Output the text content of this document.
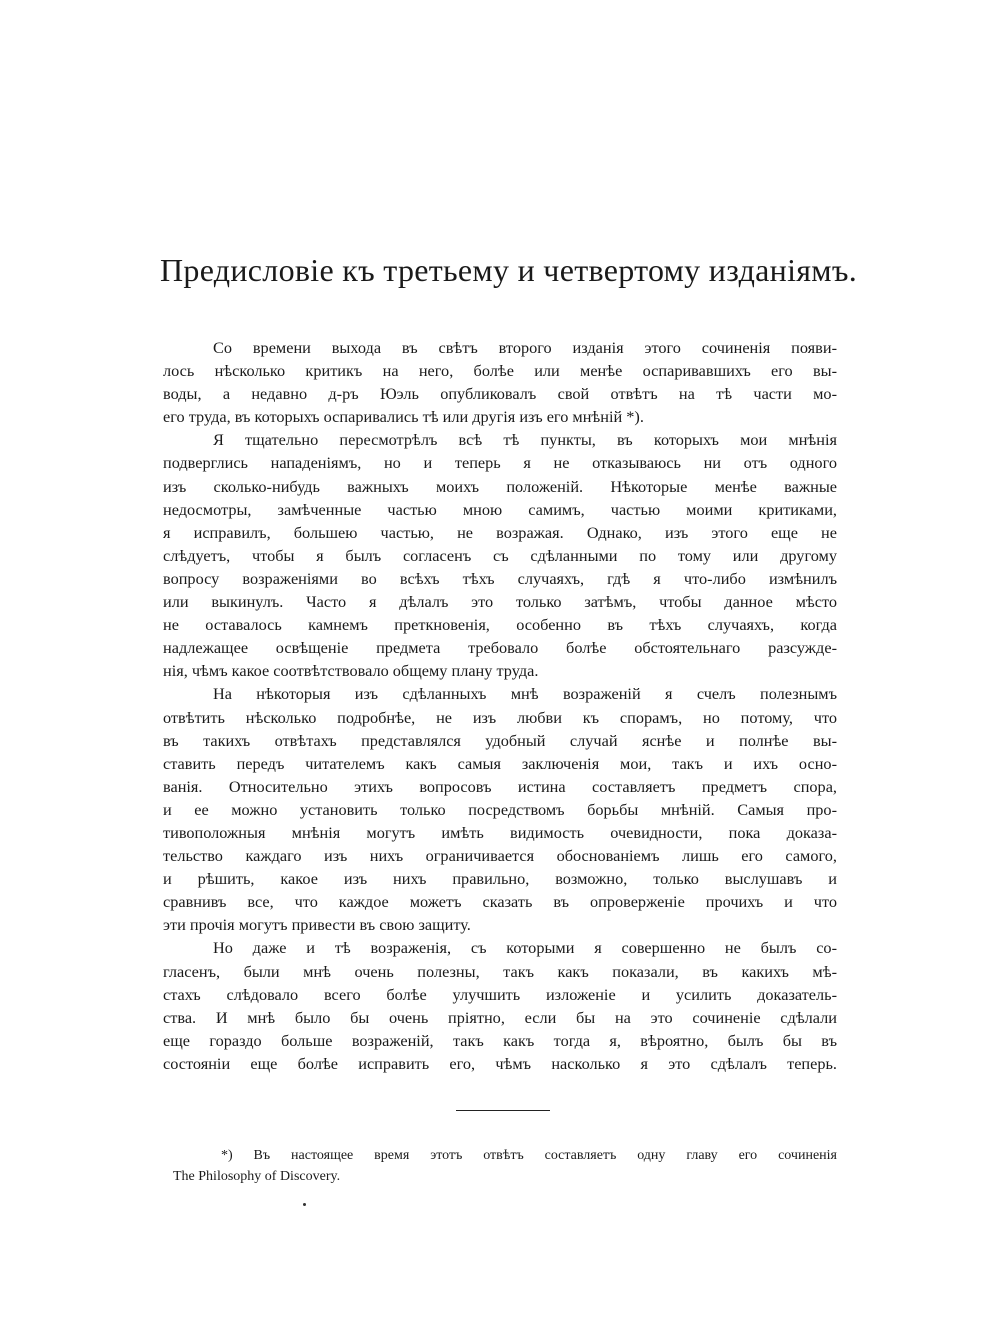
Предисловіе къ третьему и четвертому изданіямъ.
Со времени выхода въ свѣтъ второго изданія этого сочиненія появи-
лось нѣсколько критикъ на него, болѣе или менѣе оспаривавшихъ его вы-
воды, а недавно д-ръ Юэль опубликовалъ свой отвѣтъ на тѣ части мо-
его труда, въ которыхъ оспаривались тѣ или другія изъ его мнѣній *).
Я тщательно пересмотрѣлъ всѣ тѣ пункты, въ которыхъ мои мнѣнія
подверглись нападеніямъ, но и теперь я не отказываюсь ни отъ одного
изъ сколько-нибудь важныхъ моихъ положеній. Нѣкоторые менѣе важные
недосмотры, замѣченные частью мною самимъ, частью моими критиками,
я исправилъ, большею частью, не возражая. Однако, изъ этого еще не
слѣдуетъ, чтобы я былъ согласенъ съ сдѣланными по тому или другому
вопросу возраженіями во всѣхъ тѣхъ случаяхъ, гдѣ я что-либо измѣнилъ
или выкинулъ. Часто я дѣлалъ это только затѣмъ, чтобы данное мѣсто
не оставалось камнемъ преткновенія, особенно въ тѣхъ случаяхъ, когда
надлежащее освѣщеніе предмета требовало болѣе обстоятельнаго разсужде-
нія, чѣмъ какое соотвѣтствовало общему плану труда.
На нѣкоторыя изъ сдѣланныхъ мнѣ возраженій я счелъ полезнымъ
отвѣтить нѣсколько подробнѣе, не изъ любви къ спорамъ, но потому, что
въ такихъ отвѣтахъ представлялся удобный случай яснѣе и полнѣе вы-
ставить передъ читателемъ какъ самыя заключенія мои, такъ и ихъ осно-
ванія. Относительно этихъ вопросовъ истина составляетъ предметъ спора,
и ее можно установить только посредствомъ борьбы мнѣній. Самыя про-
тивоположныя мнѣнія могутъ имѣть видимость очевидности, пока доказа-
тельство каждаго изъ нихъ ограничивается обоснованіемъ лишь его самого,
и рѣшить, какое изъ нихъ правильно, возможно, только выслушавъ и
сравнивъ все, что каждое можетъ сказать въ опроверженіе прочихъ и что
эти прочія могутъ привести въ свою защиту.
Но даже и тѣ возраженія, съ которыми я совершенно не былъ со-
гласенъ, были мнѣ очень полезны, такъ какъ показали, въ какихъ мѣ-
стахъ слѣдовало всего болѣе улучшить изложеніе и усилить доказатель-
ства. И мнѣ было бы очень пріятно, если бы на это сочиненіе сдѣлали
еще гораздо больше возраженій, такъ какъ тогда я, вѣроятно, былъ бы въ
состояніи еще болѣе исправить его, чѣмъ насколько я это сдѣлалъ теперь.
*) Въ настоящее время этотъ отвѣтъ составляетъ одну главу его сочиненія
The Philosophy of Discovery.
